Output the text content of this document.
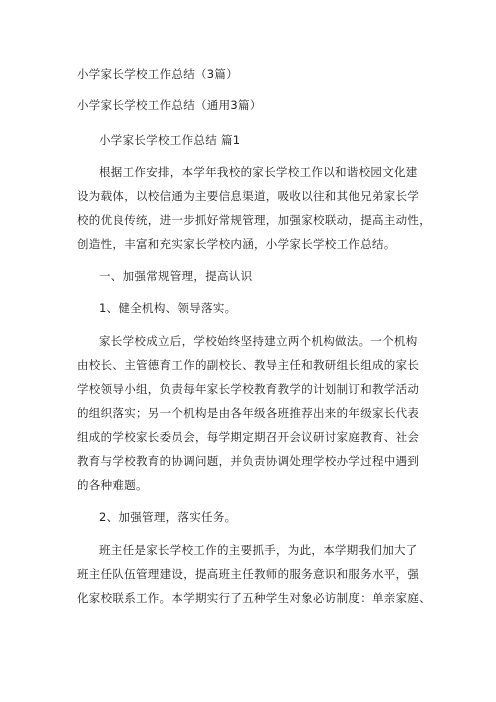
小学家长学校工作总结（3篇）

小学家长学校工作总结（通用3篇）

小学家长学校工作总结 篇1

根据工作安排，本学年我校的家长学校工作以和谐校园文化建

设为载体，以校信通为主要信息渠道，吸收以往和其他兄弟家长学

校的优良传统，进一步抓好常规管理，加强家校联动，提高主动性，

创造性，丰富和充实家长学校内涵，小学家长学校工作总结。

一、加强常规管理，提高认识

1、健全机构、领导落实。

家长学校成立后，学校始终坚持建立两个机构做法。一个机构

由校长、主管德育工作的副校长、教导主任和教研组长组成的家长

学校领导小组，负责每年家长学校教育教学的计划制订和教学活动

的组织落实；另一个机构是由各年级各班推荐出来的年级家长代表

组成的学校家长委员会，每学期定期召开会议研讨家庭教育、社会

教育与学校教育的协调问题，并负责协调处理学校办学过程中遇到

的各种难题。

2、加强管理，落实任务。

班主任是家长学校工作的主要抓手，为此，本学期我们加大了

班主任队伍管理建设，提高班主任教师的服务意识和服务水平，强

化家校联系工作。本学期实行了五种学生对象必访制度：单亲家庭、
